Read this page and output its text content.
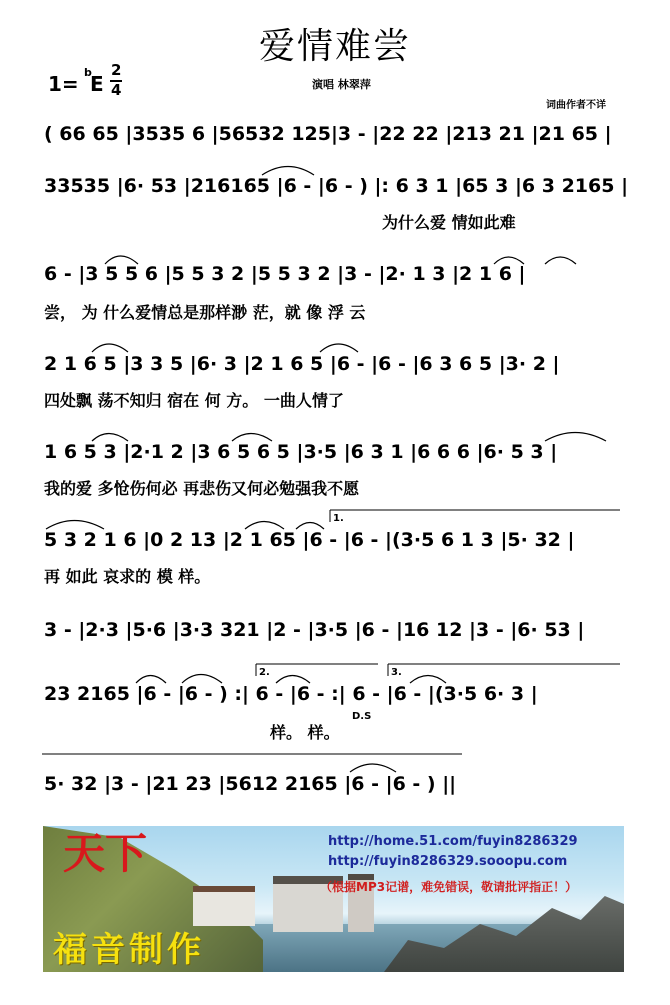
爱情难尝
演唱 林翠萍
词曲作者不详
1= b
E
2
4
( 66 65 |3535 6 |56532 125|3 - |22 22 |213 21 |21 65 |
33535 |6· 53 |216165 |6 - |6 - ) |: 6 3 1 |65 3 |6 3 2165 |
为什么爱 情如此难
6 - |3 5 5 6 |5 5 3 2 |5 5 3 2 |3 - |2· 1 3 |2 1 6 |
尝， 为 什么爱情总是那样渺 茫，就 像 浮 云
2 1 6 5 |3 3 5 |6· 3 |2 1 6 5 |6 - |6 - |6 3 6 5 |3· 2 |
四处飘 荡不知归 宿在 何 方。 一曲人情了
1 6 5 3 |2·1 2 |3 6 5 6 5 |3·5 |6 3 1 |6 6 6 |6· 5 3 |
我的爱 多怆伤何必 再悲伤又何必勉强我不愿
5 3 2 1 6 |0 2 13 |2 1 65 |6 - |6 - |(3·5 6 1 3 |5· 32 |
再 如此 哀求的 模 样。
1.
3 - |2·3 |5·6 |3·3 321 |2 - |3·5 |6 - |16 12 |3 - |6· 53 |
23 2165 |6 - |6 - ) :| 6 - |6 - :| 6 - |6 - |(3·5 6· 3 |
样。 样。
2.	3.
D.S
5· 32 |3 - |21 23 |5612 2165 |6 - |6 - ) ||
天下	http://home.51.com/fuyin8286329
http://fuyin8286329.sooopu.com
（根据MP3记谱，难免错误，敬请批评指正！）
福音制作
